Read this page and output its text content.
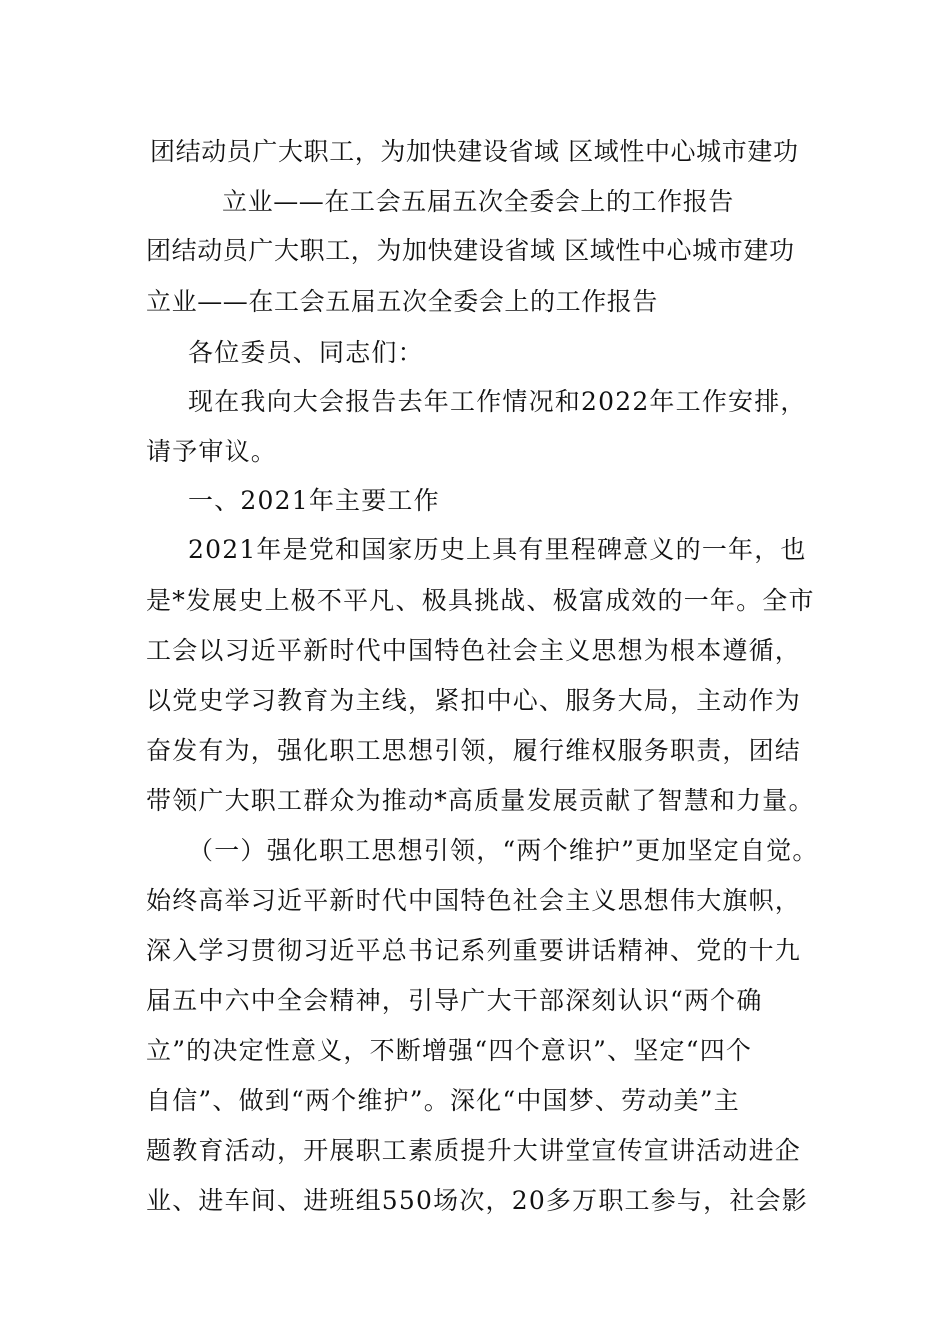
团结动员广大职工，为加快建设省域 区域性中心城市建功
立业——在工会五届五次全委会上的工作报告
团结动员广大职工，为加快建设省域 区域性中心城市建功
立业——在工会五届五次全委会上的工作报告
各位委员、同志们：
现在我向大会报告去年工作情况和2022年工作安排，
请予审议。
一、2021年主要工作
2021年是党和国家历史上具有里程碑意义的一年，也
是*发展史上极不平凡、极具挑战、极富成效的一年。全市
工会以习近平新时代中国特色社会主义思想为根本遵循，
以党史学习教育为主线，紧扣中心、服务大局，主动作为
奋发有为，强化职工思想引领，履行维权服务职责，团结
带领广大职工群众为推动*高质量发展贡献了智慧和力量。
（一）强化职工思想引领，“两个维护”更加坚定自觉。
始终高举习近平新时代中国特色社会主义思想伟大旗帜，
深入学习贯彻习近平总书记系列重要讲话精神、党的十九
届五中六中全会精神，引导广大干部深刻认识“两个确
立”的决定性意义，不断增强“四个意识”、坚定“四个
自信”、做到“两个维护”。深化“中国梦、劳动美”主
题教育活动，开展职工素质提升大讲堂宣传宣讲活动进企
业、进车间、进班组550场次，20多万职工参与，社会影
